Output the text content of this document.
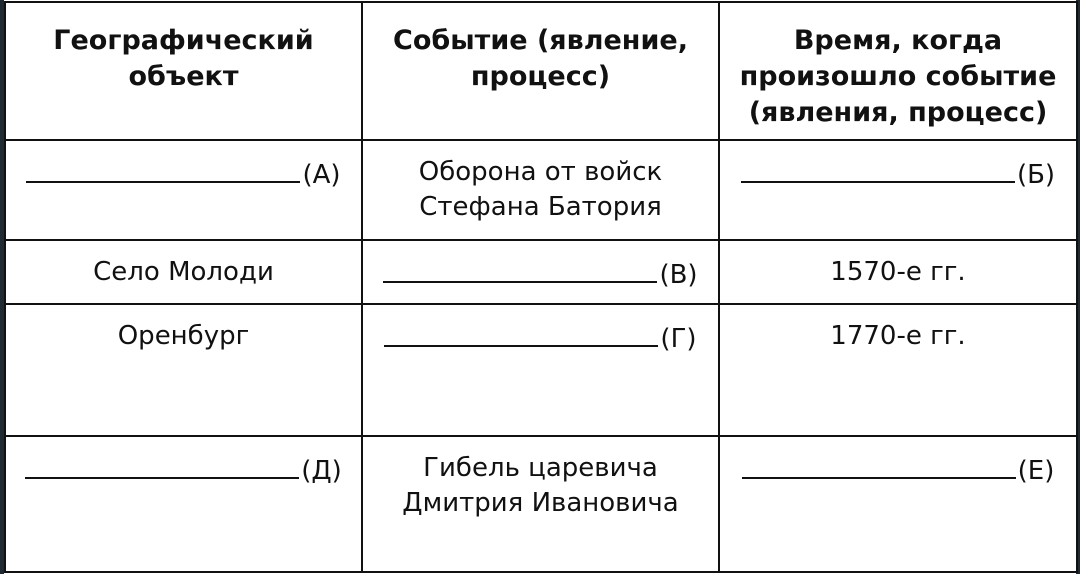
Географический объект	Событие (явление, процесс)	Время, когда произошло событие (явления, процесс)
(А)	Оборона от войск Стефана Батория	(Б)
Село Молоди	(В)	1570-е гг.
Оренбург	(Г)	1770-е гг.
(Д)	Гибель царевича Дмитрия Ивановича	(Е)
